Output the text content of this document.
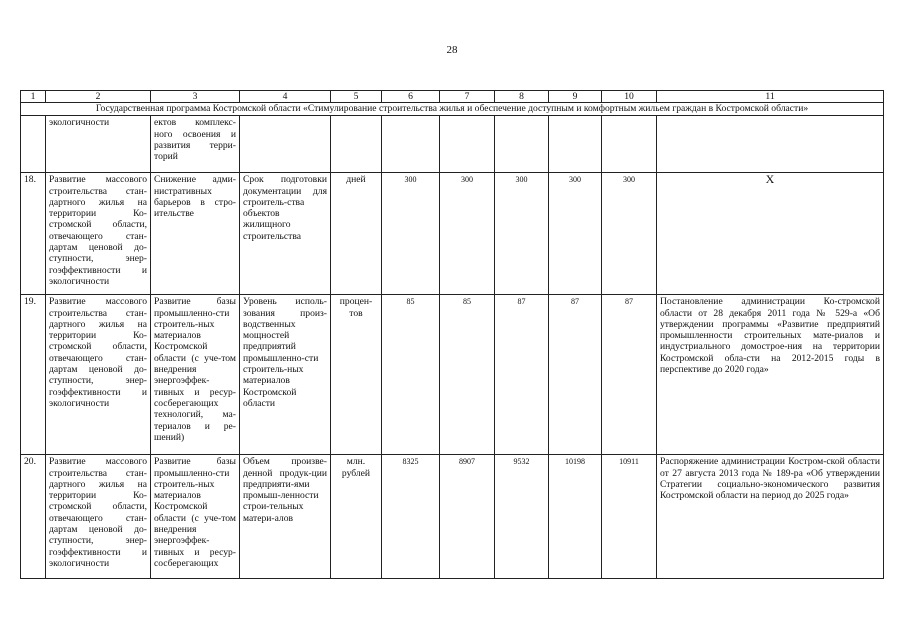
28
1	2	3	4	5	6	7	8	9	10	11
Государственная программа Костромской области «Стимулирование строительства жилья и обеспечение доступным и комфортным жильем граждан в Костромской области»										
	экологичности	ектов комплекс-ного освоения и развития терри-торий								
18.	Развитие массового строительства стан-дартного жилья на территории Ко-стромской области, отвечающего стан-дартам ценовой до-ступности, энер-гоэффективности и экологичности	Снижение адми-нистративных барьеров в стро-ительстве	Срок подготовки документации для строитель-ства объектов жилищного строительства	дней	300	300	300	300	300	X
19.	Развитие массового строительства стан-дартного жилья на территории Ко-стромской области, отвечающего стан-дартам ценовой до-ступности, энер-гоэффективности и экологичности	Развитие базы промышленно-сти строитель-ных материалов Костромской области (с уче-том внедрения энергоэффек-тивных и ресур-сосберегающих технологий, ма-териалов и ре-шений)	Уровень исполь-зования произ-водственных мощностей предприятий промышленно-сти строитель-ных материалов Костромской области	процен-тов	85	85	87	87	87	Постановление администрации Ко-стромской области от 28 декабря 2011 года № 529-а «Об утверждении программы «Развитие предприятий промышленности строительных мате-риалов и индустриального домострое-ния на территории Костромской обла-сти на 2012-2015 годы в перспективе до 2020 года»
20.	Развитие массового строительства стан-дартного жилья на территории Ко-стромской области, отвечающего стан-дартам ценовой до-ступности, энер-гоэффективности и экологичности	Развитие базы промышленно-сти строитель-ных материалов Костромской области (с уче-том внедрения энергоэффек-тивных и ресур-сосберегающих	Объем произве-денной продук-ции предприяти-ями промыш-ленности строи-тельных матери-алов	млн. рублей	8325	8907	9532	10198	10911	Распоряжение администрации Костром-ской области от 27 августа 2013 года № 189-ра «Об утверждении Стратегии социально-экономического развития Костромской области на период до 2025 года»
